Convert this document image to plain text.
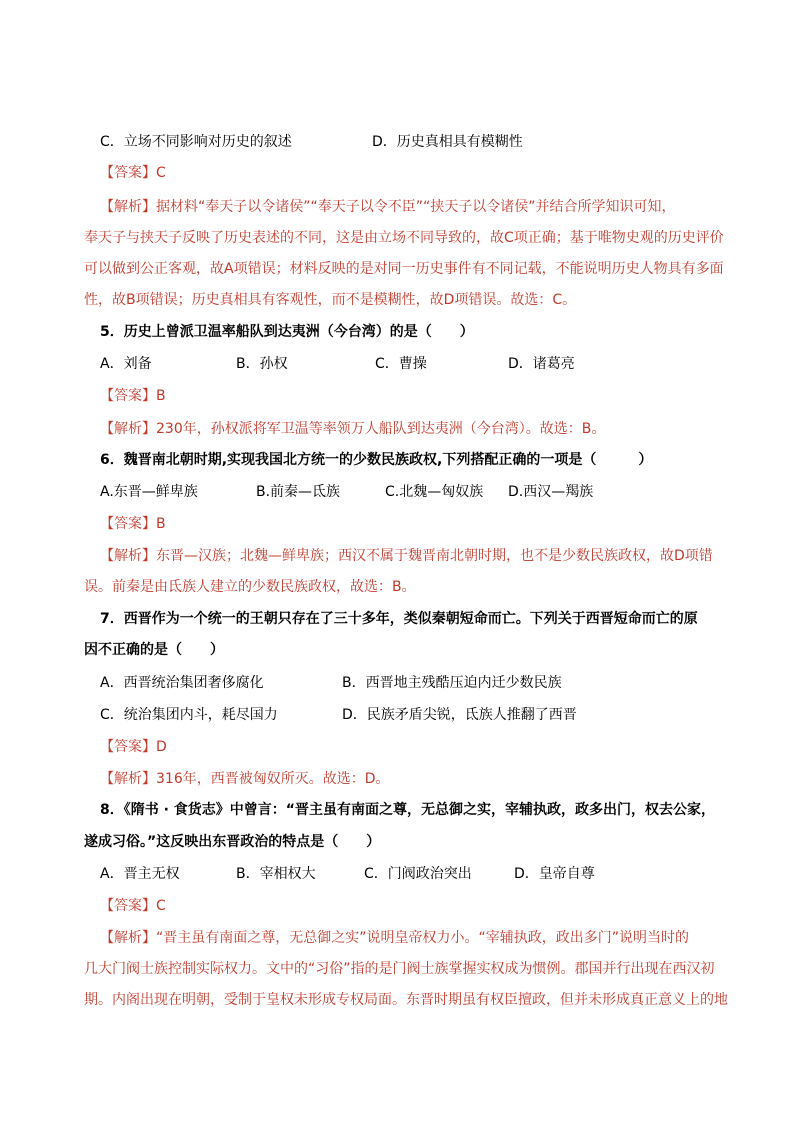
C．立场不同影响对历史的叙述	D．历史真相具有模糊性
【答案】C
【解析】据材料“奉天子以令诸侯”“奉天子以令不臣”“挟天子以令诸侯”并结合所学知识可知，
奉天子与挟天子反映了历史表述的不同，这是由立场不同导致的，故C项正确；基于唯物史观的历史评价
可以做到公正客观，故A项错误；材料反映的是对同一历史事件有不同记载，不能说明历史人物具有多面
性，故B项错误；历史真相具有客观性，而不是模糊性，故D项错误。故选：C。
5．历史上曾派卫温率船队到达夷洲（今台湾）的是（　　）
A．刘备	B．孙权	C．曹操	D．诸葛亮
【答案】B
【解析】230年，孙权派将军卫温等率领万人船队到达夷洲（今台湾）。故选：B。
6．魏晋南北朝时期,实现我国北方统一的少数民族政权,下列搭配正确的一项是（　　　）
A.东晋—鲜卑族	B.前秦—氐族	C.北魏—匈奴族 D.西汉—羯族
【答案】B
【解析】东晋—汉族；北魏—鲜卑族；西汉不属于魏晋南北朝时期，也不是少数民族政权，故D项错
误。前秦是由氐族人建立的少数民族政权，故选：B。
7．西晋作为一个统一的王朝只存在了三十多年，类似秦朝短命而亡。下列关于西晋短命而亡的原
因不正确的是（　　）
A．西晋统治集团奢侈腐化	B．西晋地主残酷压迫内迁少数民族
C．统治集团内斗，耗尽国力	D．民族矛盾尖锐，氐族人推翻了西晋
【答案】D
【解析】316年，西晋被匈奴所灭。故选：D。
8．《隋书 · 食货志》中曾言：“晋主虽有南面之尊，无总御之实，宰辅执政，政多出门，权去公家，
遂成习俗。”这反映出东晋政治的特点是（　　）
A．晋主无权	B．宰相权大	C．门阀政治突出	D．皇帝自尊
【答案】C
【解析】“晋主虽有南面之尊，无总御之实”说明皇帝权力小。“宰辅执政，政出多门”说明当时的
几大门阀士族控制实际权力。文中的“习俗”指的是门阀士族掌握实权成为惯例。郡国并行出现在西汉初
期。内阁出现在明朝，受制于皇权未形成专权局面。东晋时期虽有权臣擅政，但并未形成真正意义上的地
